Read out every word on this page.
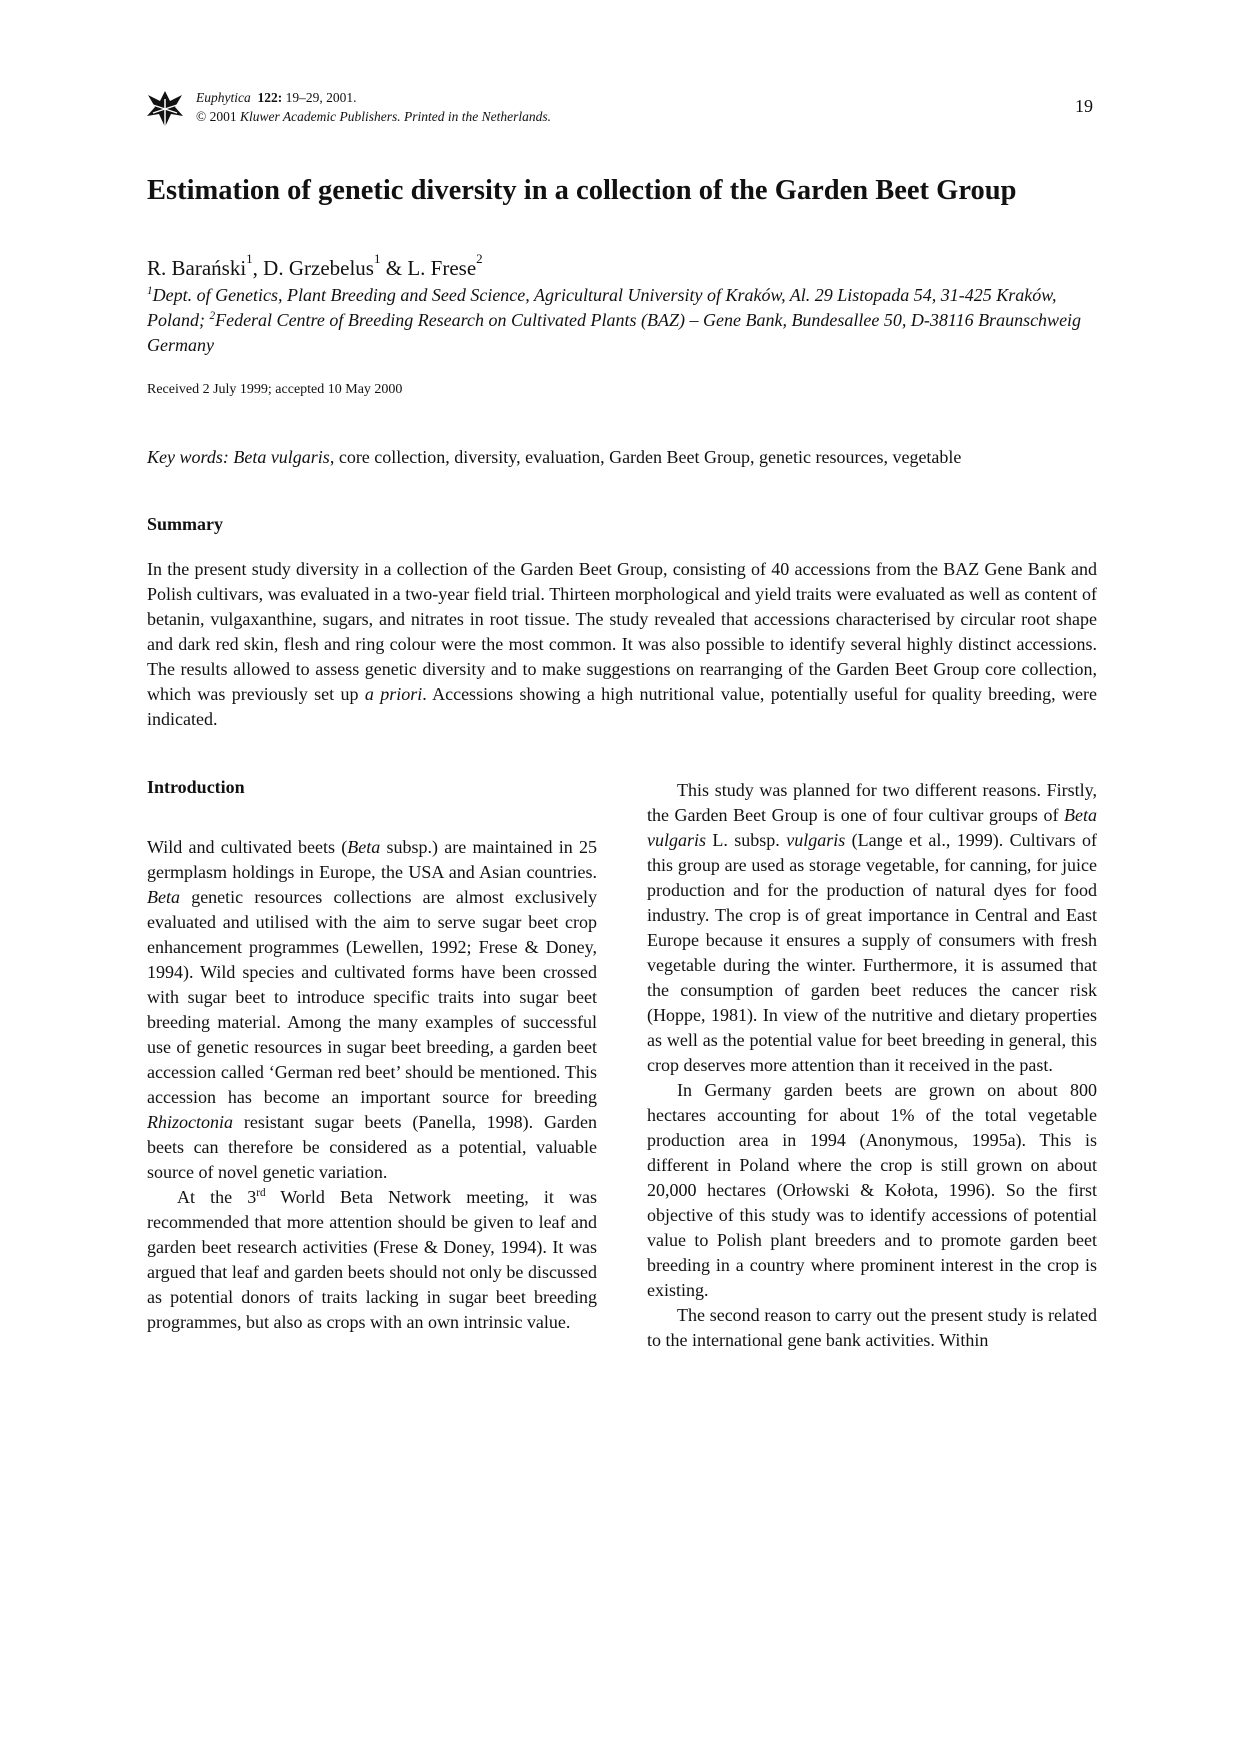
Euphytica 122: 19–29, 2001.
© 2001 Kluwer Academic Publishers. Printed in the Netherlands.
19
Estimation of genetic diversity in a collection of the Garden Beet Group
R. Barański$^1$, D. Grzebelus$^1$ & L. Frese$^2$
$^1$Dept. of Genetics, Plant Breeding and Seed Science, Agricultural University of Kraków, Al. 29 Listopada 54, 31-425 Kraków, Poland; $^2$Federal Centre of Breeding Research on Cultivated Plants (BAZ) – Gene Bank, Bundesallee 50, D-38116 Braunschweig Germany
Received 2 July 1999; accepted 10 May 2000
Key words: Beta vulgaris, core collection, diversity, evaluation, Garden Beet Group, genetic resources, vegetable
Summary
In the present study diversity in a collection of the Garden Beet Group, consisting of 40 accessions from the BAZ Gene Bank and Polish cultivars, was evaluated in a two-year field trial. Thirteen morphological and yield traits were evaluated as well as content of betanin, vulgaxanthine, sugars, and nitrates in root tissue. The study revealed that accessions characterised by circular root shape and dark red skin, flesh and ring colour were the most common. It was also possible to identify several highly distinct accessions. The results allowed to assess genetic diversity and to make suggestions on rearranging of the Garden Beet Group core collection, which was previously set up a priori. Accessions showing a high nutritional value, potentially useful for quality breeding, were indicated.
Introduction

Wild and cultivated beets (Beta subsp.) are maintained in 25 germplasm holdings in Europe, the USA and Asian countries. Beta genetic resources collections are almost exclusively evaluated and utilised with the aim to serve sugar beet crop enhancement programmes (Lewellen, 1992; Frese & Doney, 1994). Wild species and cultivated forms have been crossed with sugar beet to introduce specific traits into sugar beet breeding material. Among the many examples of successful use of genetic resources in sugar beet breeding, a garden beet accession called ‘German red beet’ should be mentioned. This accession has become an important source for breeding Rhizoctonia resistant sugar beets (Panella, 1998). Garden beets can therefore be considered as a potential, valuable source of novel genetic variation.

At the 3rd World Beta Network meeting, it was recommended that more attention should be given to leaf and garden beet research activities (Frese & Doney, 1994). It was argued that leaf and garden beets should not only be discussed as potential donors of traits lacking in sugar beet breeding programmes, but also as crops with an own intrinsic value.

This study was planned for two different reasons. Firstly, the Garden Beet Group is one of four cultivar groups of Beta vulgaris L. subsp. vulgaris (Lange et al., 1999). Cultivars of this group are used as storage vegetable, for canning, for juice production and for the production of natural dyes for food industry. The crop is of great importance in Central and East Europe because it ensures a supply of consumers with fresh vegetable during the winter. Furthermore, it is assumed that the consumption of garden beet reduces the cancer risk (Hoppe, 1981). In view of the nutritive and dietary properties as well as the potential value for beet breeding in general, this crop deserves more attention than it received in the past.

In Germany garden beets are grown on about 800 hectares accounting for about 1% of the total vegetable production area in 1994 (Anonymous, 1995a). This is different in Poland where the crop is still grown on about 20,000 hectares (Orłowski & Kołota, 1996). So the first objective of this study was to identify accessions of potential value to Polish plant breeders and to promote garden beet breeding in a country where prominent interest in the crop is existing.

The second reason to carry out the present study is related to the international gene bank activities. Within
